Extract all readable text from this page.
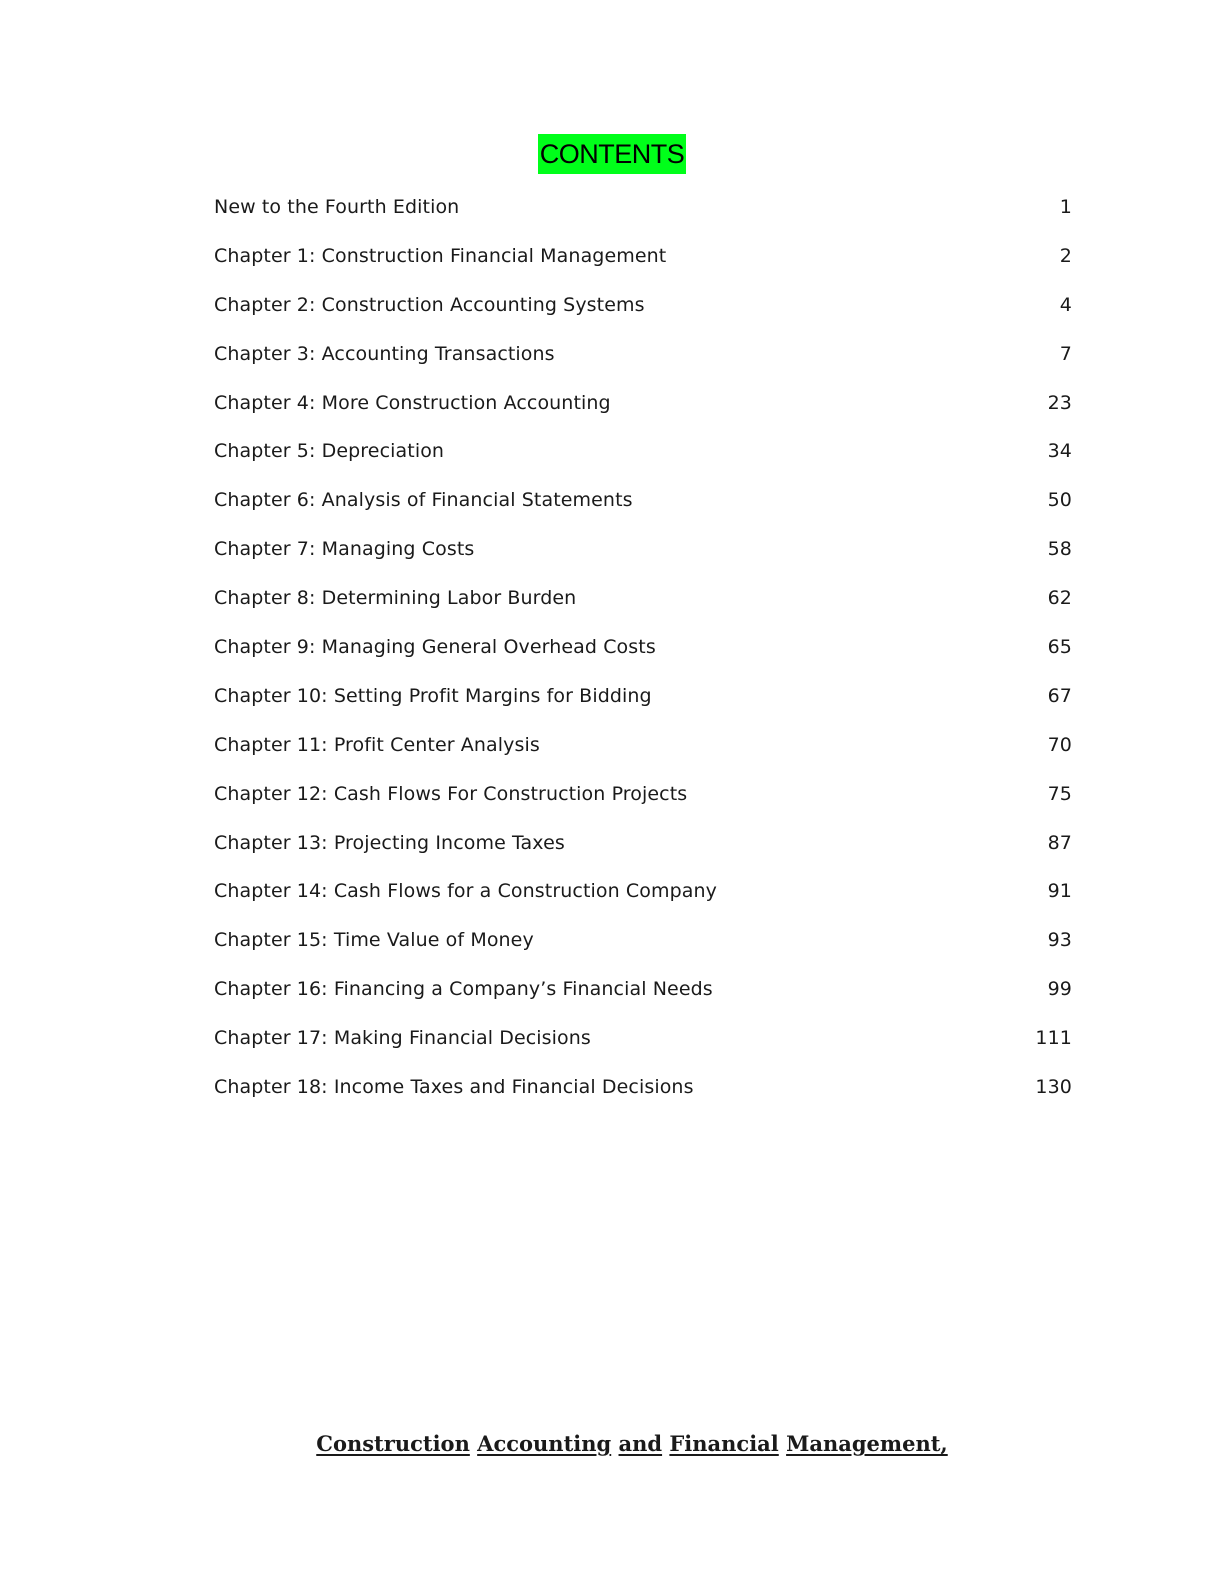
CONTENTS
New to the Fourth Edition	1
Chapter 1: Construction Financial Management	2
Chapter 2: Construction Accounting Systems	4
Chapter 3: Accounting Transactions	7
Chapter 4: More Construction Accounting	23
Chapter 5: Depreciation	34
Chapter 6: Analysis of Financial Statements	50
Chapter 7: Managing Costs	58
Chapter 8: Determining Labor Burden	62
Chapter 9: Managing General Overhead Costs	65
Chapter 10: Setting Profit Margins for Bidding	67
Chapter 11: Profit Center Analysis	70
Chapter 12: Cash Flows For Construction Projects	75
Chapter 13: Projecting Income Taxes	87
Chapter 14: Cash Flows for a Construction Company	91
Chapter 15: Time Value of Money	93
Chapter 16: Financing a Company’s Financial Needs	99
Chapter 17: Making Financial Decisions	111
Chapter 18: Income Taxes and Financial Decisions	130
Construction Accounting and Financial Management,
